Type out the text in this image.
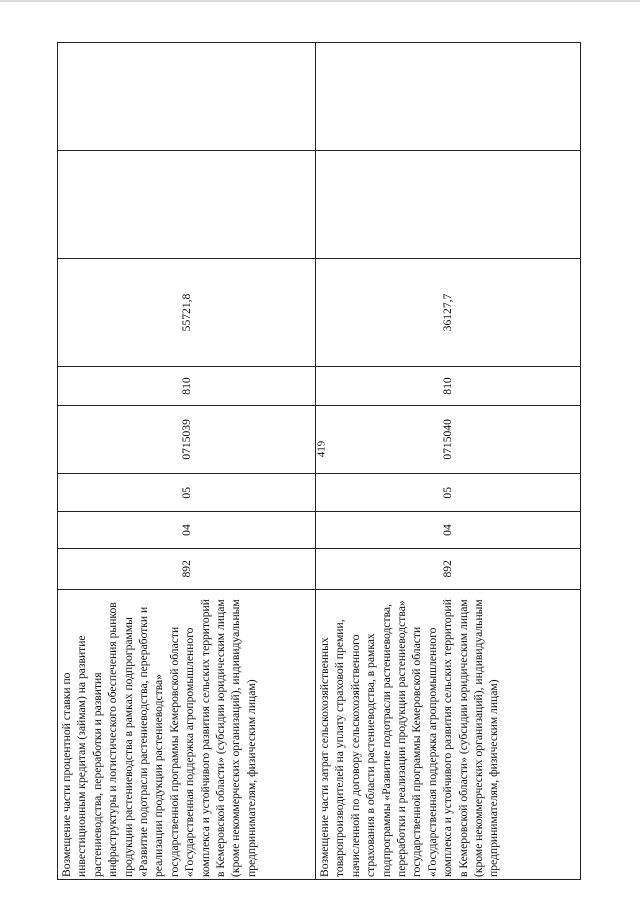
419
Возмещение части процентной ставки по инвестиционным кредитам (займам) на развитие растениеводства, переработки и развития инфраструктуры и логистического обеспечения рынков продукции растениеводства в рамках подпрограммы «Развитие подотрасли растениеводства, переработки и реализации продукции растениеводства» государственной программы Кемеровской области «Государственная поддержка агропромышленного комплекса и устойчивого развития сельских территорий в Кемеровской области» (субсидии юридическим лицам (кроме некоммерческих организаций), индивидуальным предпринимателям, физическим лицам)	892	04	05	0715039	810	55721,8		

Возмещение части затрат сельскохозяйственных товаропроизводителей на уплату страховой премии, начисленной по договору сельскохозяйственного страхования в области растениеводства, в рамках подпрограммы «Развитие подотрасли растениеводства, переработки и реализации продукции растениеводства» государственной программы Кемеровской области «Государственная поддержка агропромышленного комплекса и устойчивого развития сельских территорий в Кемеровской области» (субсидии юридическим лицам (кроме некоммерческих организаций), индивидуальным предпринимателям, физическим лицам)	892	04	05	0715040	810	36127,7		
